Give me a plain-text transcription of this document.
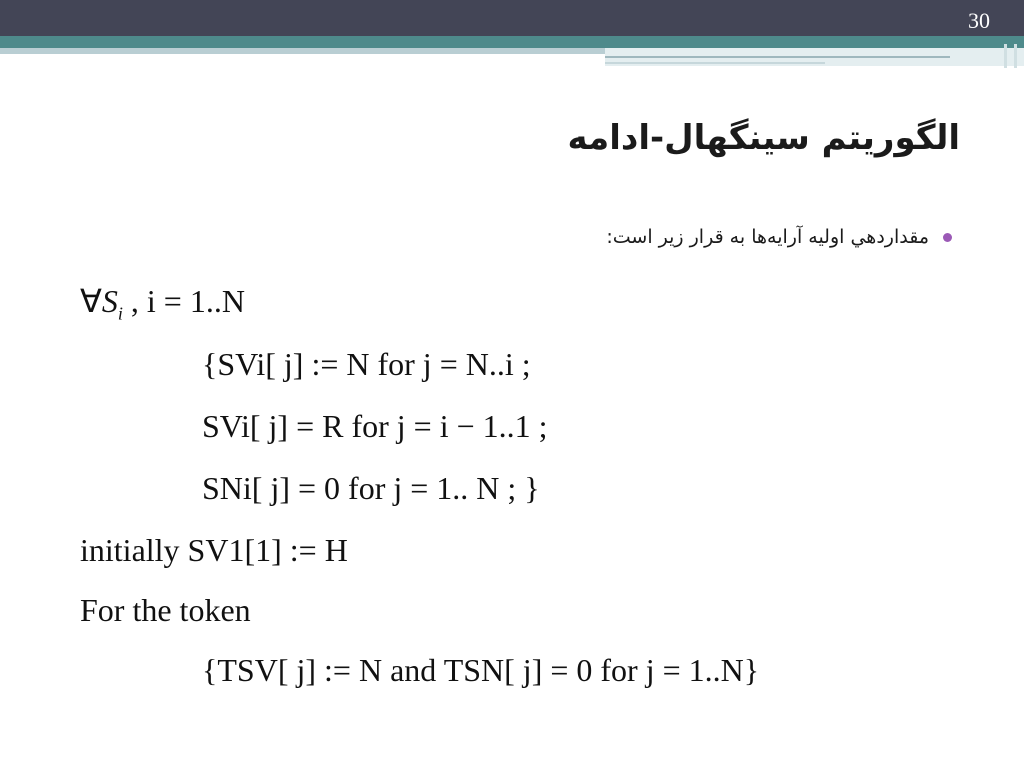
30
الگوریتم سینگهال-ادامه
مقداردهي اوليه آرايه‌ها به قرار زير است:
$\forall S_i$ , i = 1..N
{SVi[ j] := N for j = N..i ;
SVi[ j] = R for j = i − 1..1 ;
SNi[ j] = 0 for j = 1.. N ; }
initially SV1[1] := H
For the token
{TSV[ j] := N and TSN[ j] = 0 for j = 1..N}
